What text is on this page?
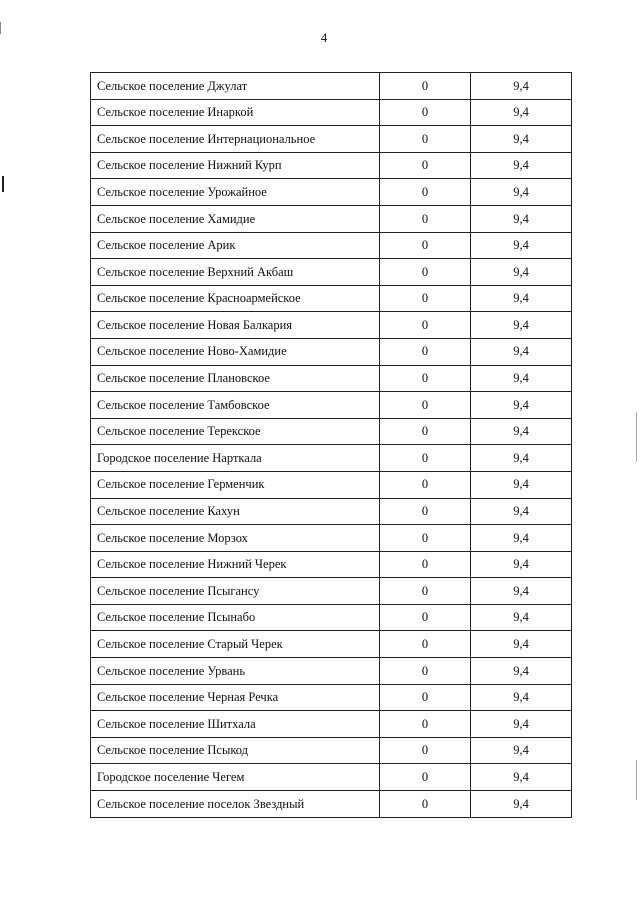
4
Сельское поселение Джулат	0	9,4
Сельское поселение Инаркой	0	9,4
Сельское поселение Интернациональное	0	9,4
Сельское поселение Нижний Курп	0	9,4
Сельское поселение Урожайное	0	9,4
Сельское поселение Хамидие	0	9,4
Сельское поселение Арик	0	9,4
Сельское поселение Верхний Акбаш	0	9,4
Сельское поселение Красноармейское	0	9,4
Сельское поселение Новая Балкария	0	9,4
Сельское поселение Ново-Хамидие	0	9,4
Сельское поселение Плановское	0	9,4
Сельское поселение Тамбовское	0	9,4
Сельское поселение Терекское	0	9,4
Городское поселение Нарткала	0	9,4
Сельское поселение Герменчик	0	9,4
Сельское поселение Кахун	0	9,4
Сельское поселение Морзох	0	9,4
Сельское поселение Нижний Черек	0	9,4
Сельское поселение Псыгансу	0	9,4
Сельское поселение Псынабо	0	9,4
Сельское поселение Старый Черек	0	9,4
Сельское поселение Урвань	0	9,4
Сельское поселение Черная Речка	0	9,4
Сельское поселение Шитхала	0	9,4
Сельское поселение Псыкод	0	9,4
Городское поселение Чегем	0	9,4
Сельское поселение поселок Звездный	0	9,4
